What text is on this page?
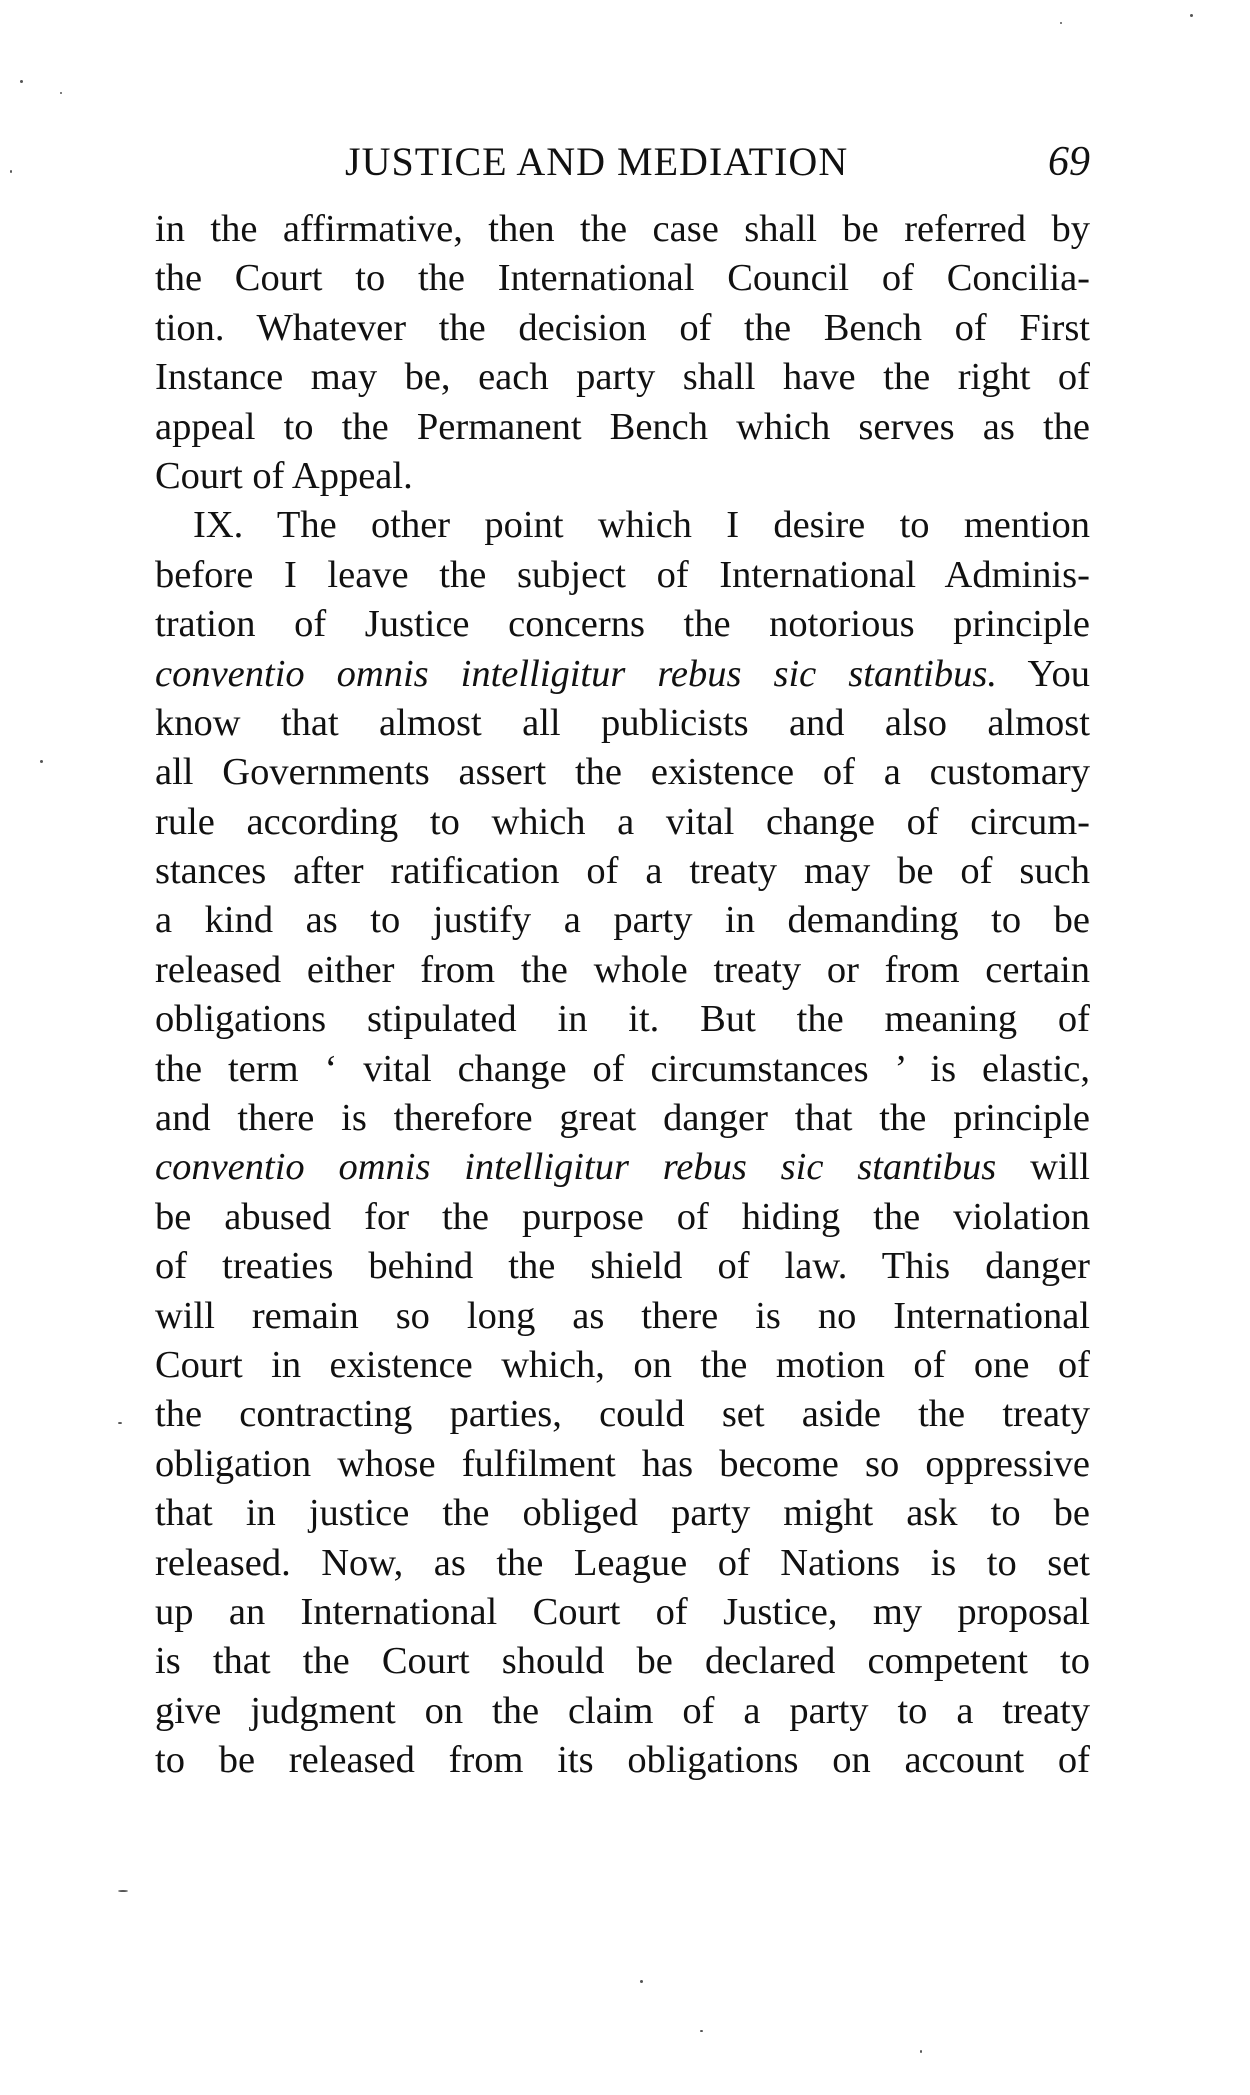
JUSTICE AND MEDIATION	69
in the affirmative, then the case shall be referred by
the Court to the International Council of Concilia-
tion. Whatever the decision of the Bench of First
Instance may be, each party shall have the right of
appeal to the Permanent Bench which serves as the
Court of Appeal.
IX. The other point which I desire to mention
before I leave the subject of International Adminis-
tration of Justice concerns the notorious principle
conventio omnis intelligitur rebus sic stantibus. You
know that almost all publicists and also almost
all Governments assert the existence of a customary
rule according to which a vital change of circum-
stances after ratification of a treaty may be of such
a kind as to justify a party in demanding to be
released either from the whole treaty or from certain
obligations stipulated in it. But the meaning of
the term ‘ vital change of circumstances ’ is elastic,
and there is therefore great danger that the principle
conventio omnis intelligitur rebus sic stantibus will
be abused for the purpose of hiding the violation
of treaties behind the shield of law. This danger
will remain so long as there is no International
Court in existence which, on the motion of one of
the contracting parties, could set aside the treaty
obligation whose fulfilment has become so oppressive
that in justice the obliged party might ask to be
released. Now, as the League of Nations is to set
up an International Court of Justice, my proposal
is that the Court should be declared competent to
give judgment on the claim of a party to a treaty
to be released from its obligations on account of
